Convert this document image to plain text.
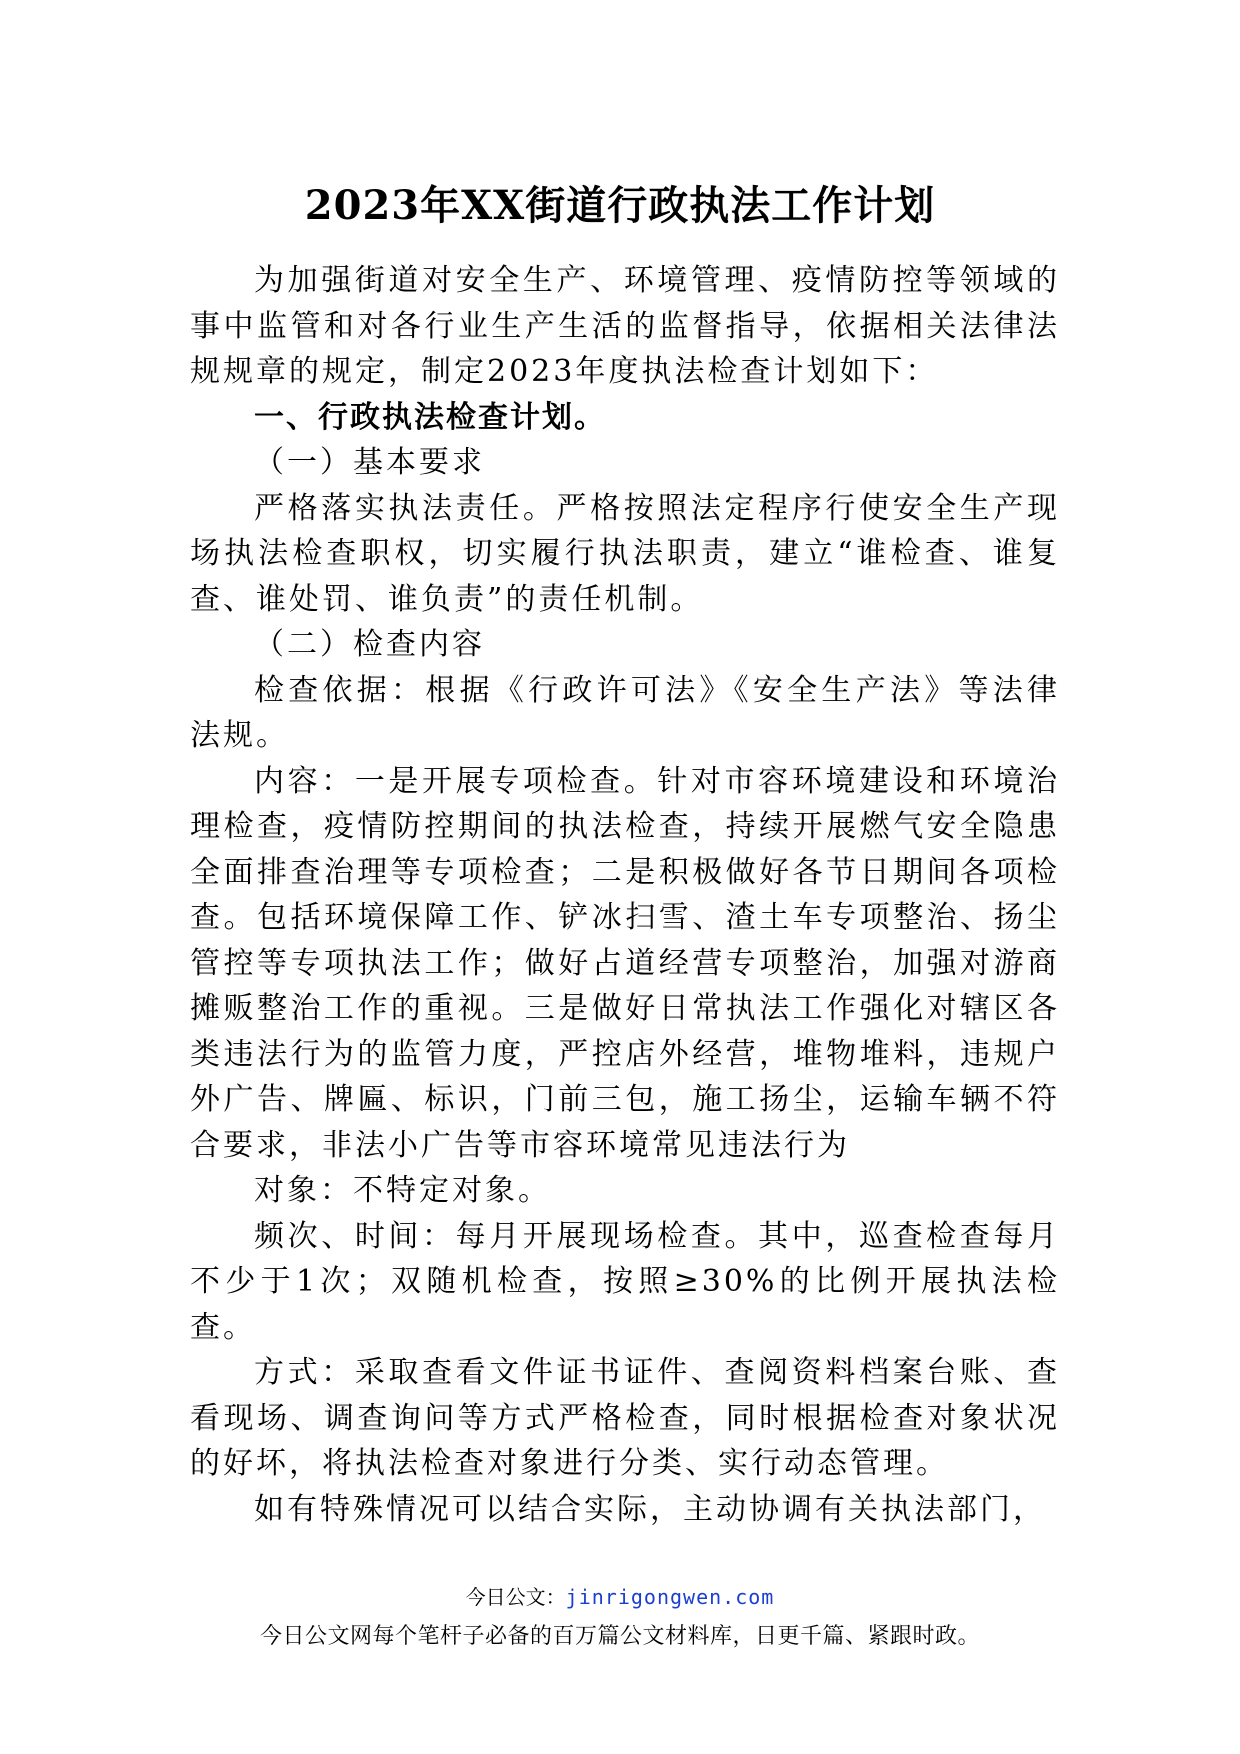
2023年XX街道行政执法工作计划

为加强街道对安全生产、环境管理、疫情防控等领域的事中监管和对各行业生产生活的监督指导，依据相关法律法规规章的规定，制定2023年度执法检查计划如下：

一、行政执法检查计划。

（一）基本要求

严格落实执法责任。严格按照法定程序行使安全生产现场执法检查职权，切实履行执法职责，建立“谁检查、谁复查、谁处罚、谁负责”的责任机制。

（二）检查内容

检查依据：根据《行政许可法》《安全生产法》等法律法规。

内容：一是开展专项检查。针对市容环境建设和环境治理检查，疫情防控期间的执法检查，持续开展燃气安全隐患全面排查治理等专项检查；二是积极做好各节日期间各项检查。包括环境保障工作、铲冰扫雪、渣土车专项整治、扬尘管控等专项执法工作；做好占道经营专项整治，加强对游商摊贩整治工作的重视。三是做好日常执法工作强化对辖区各类违法行为的监管力度，严控店外经营，堆物堆料，违规户外广告、牌匾、标识，门前三包，施工扬尘，运输车辆不符合要求，非法小广告等市容环境常见违法行为

对象：不特定对象。

频次、时间：每月开展现场检查。其中，巡查检查每月不少于1次；双随机检查，按照≥30%的比例开展执法检查。

方式：采取查看文件证书证件、查阅资料档案台账、查看现场、调查询问等方式严格检查，同时根据检查对象状况的好坏，将执法检查对象进行分类、实行动态管理。

如有特殊情况可以结合实际，主动协调有关执法部门，

今日公文：jinrigongwen.com
今日公文网每个笔杆子必备的百万篇公文材料库，日更千篇、紧跟时政。
